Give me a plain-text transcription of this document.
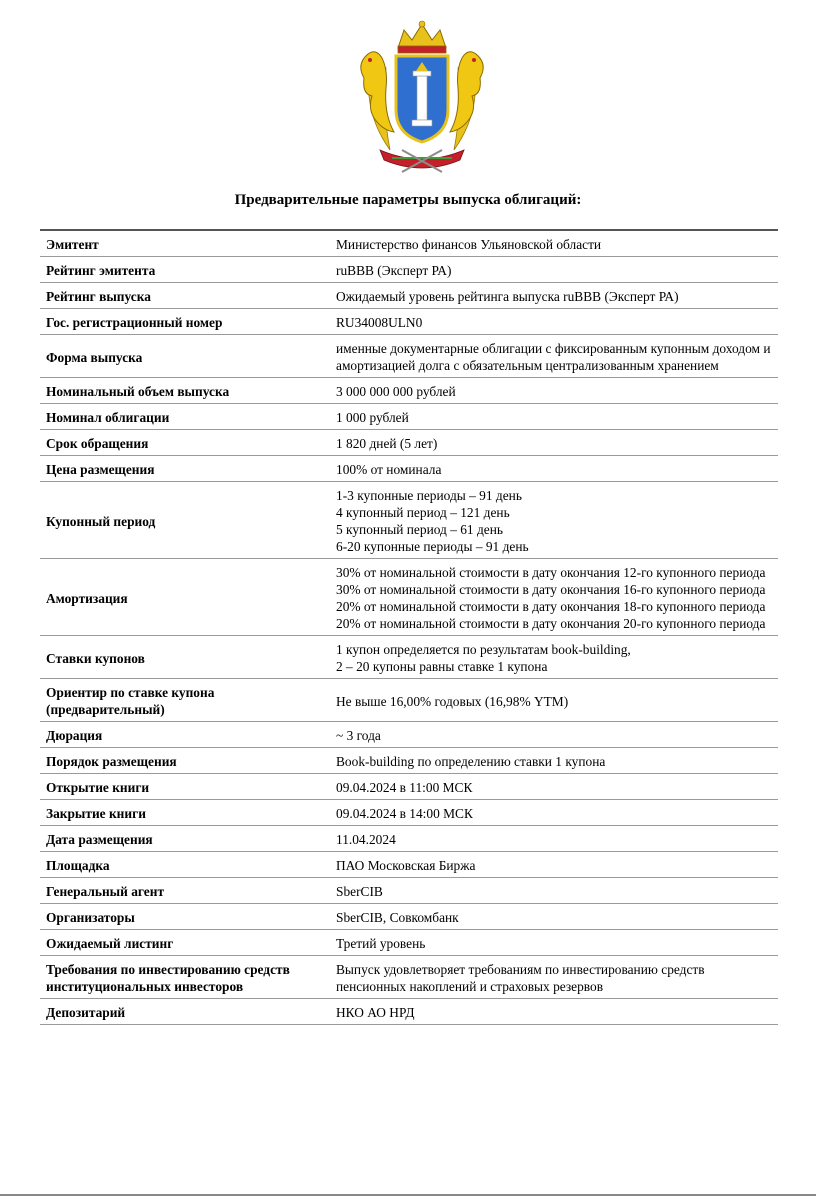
Предварительные параметры выпуска облигаций:
Эмитент	Министерство финансов Ульяновской области

Рейтинг эмитента	ruBBB (Эксперт РА)

Рейтинг выпуска	Ожидаемый уровень рейтинга выпуска ruBBB (Эксперт РА)

Гос. регистрационный номер	RU34008ULN0

Форма выпуска	именные документарные облигации с фиксированным купонным доходом и амортизацией долга с обязательным централизованным хранением

Номинальный объем выпуска	3 000 000 000 рублей

Номинал облигации	1 000 рублей

Срок обращения	1 820 дней (5 лет)

Цена размещения	100% от номинала

Купонный период	1-3 купонные периоды – 91 день
4 купонный период – 121 день
5 купонный период – 61 день
6-20 купонные периоды – 91 день

Амортизация	30% от номинальной стоимости в дату окончания 12-го купонного периода
30% от номинальной стоимости в дату окончания 16-го купонного периода
20% от номинальной стоимости в дату окончания 18-го купонного периода
20% от номинальной стоимости в дату окончания 20-го купонного периода

Ставки купонов	1 купон определяется по результатам book-building,
2 – 20 купоны равны ставке 1 купона

Ориентир по ставке купона (предварительный)	Не выше 16,00% годовых (16,98% YTM)

Дюрация	~ 3 года

Порядок размещения	Book-building по определению ставки 1 купона

Открытие книги	09.04.2024 в 11:00 МСК

Закрытие книги	09.04.2024 в 14:00 МСК

Дата размещения	11.04.2024

Площадка	ПАО Московская Биржа

Генеральный агент	SberCIB

Организаторы	SberCIB, Совкомбанк

Ожидаемый листинг	Третий уровень

Требования по инвестированию средств институциональных инвесторов	Выпуск удовлетворяет требованиям по инвестированию средств пенсионных накоплений и страховых резервов

Депозитарий	НКО АО НРД
